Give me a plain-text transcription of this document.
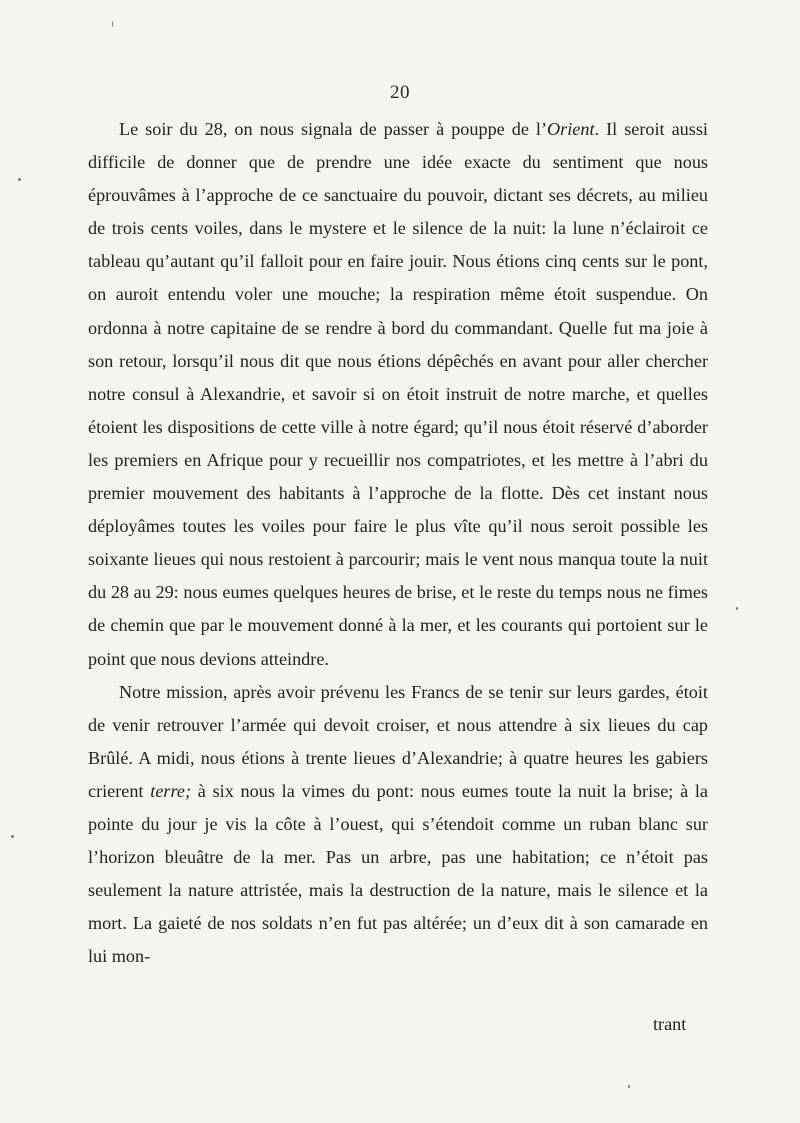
20

Le soir du 28, on nous signala de passer à pouppe de l’Orient. Il seroit aussi difficile de donner que de prendre une idée exacte du sentiment que nous éprouvâmes à l’approche de ce sanctuaire du pouvoir, dictant ses décrets, au milieu de trois cents voiles, dans le mystere et le silence de la nuit: la lune n’éclairoit ce tableau qu’autant qu’il falloit pour en faire jouir. Nous étions cinq cents sur le pont, on auroit entendu voler une mouche; la respiration même étoit suspendue. On ordonna à notre capitaine de se rendre à bord du commandant. Quelle fut ma joie à son retour, lorsqu’il nous dit que nous étions dépêchés en avant pour aller chercher notre consul à Alexandrie, et savoir si on étoit instruit de notre marche, et quelles étoient les dispositions de cette ville à notre égard; qu’il nous étoit réservé d’aborder les premiers en Afrique pour y recueillir nos compatriotes, et les mettre à l’abri du premier mouvement des habitants à l’approche de la flotte. Dès cet instant nous déployâmes toutes les voiles pour faire le plus vîte qu’il nous seroit possible les soixante lieues qui nous restoient à parcourir; mais le vent nous manqua toute la nuit du 28 au 29: nous eumes quelques heures de brise, et le reste du temps nous ne fimes de chemin que par le mouvement donné à la mer, et les courants qui portoient sur le point que nous devions atteindre.

Notre mission, après avoir prévenu les Francs de se tenir sur leurs gardes, étoit de venir retrouver l’armée qui devoit croiser, et nous attendre à six lieues du cap Brûlé. A midi, nous étions à trente lieues d’Alexandrie; à quatre heures les gabiers crierent terre; à six nous la vimes du pont: nous eumes toute la nuit la brise; à la pointe du jour je vis la côte à l’ouest, qui s’étendoit comme un ruban blanc sur l’horizon bleuâtre de la mer. Pas un arbre, pas une habitation; ce n’étoit pas seulement la nature attristée, mais la destruction de la nature, mais le silence et la mort. La gaieté de nos soldats n’en fut pas altérée; un d’eux dit à son camarade en lui mon-

trant
